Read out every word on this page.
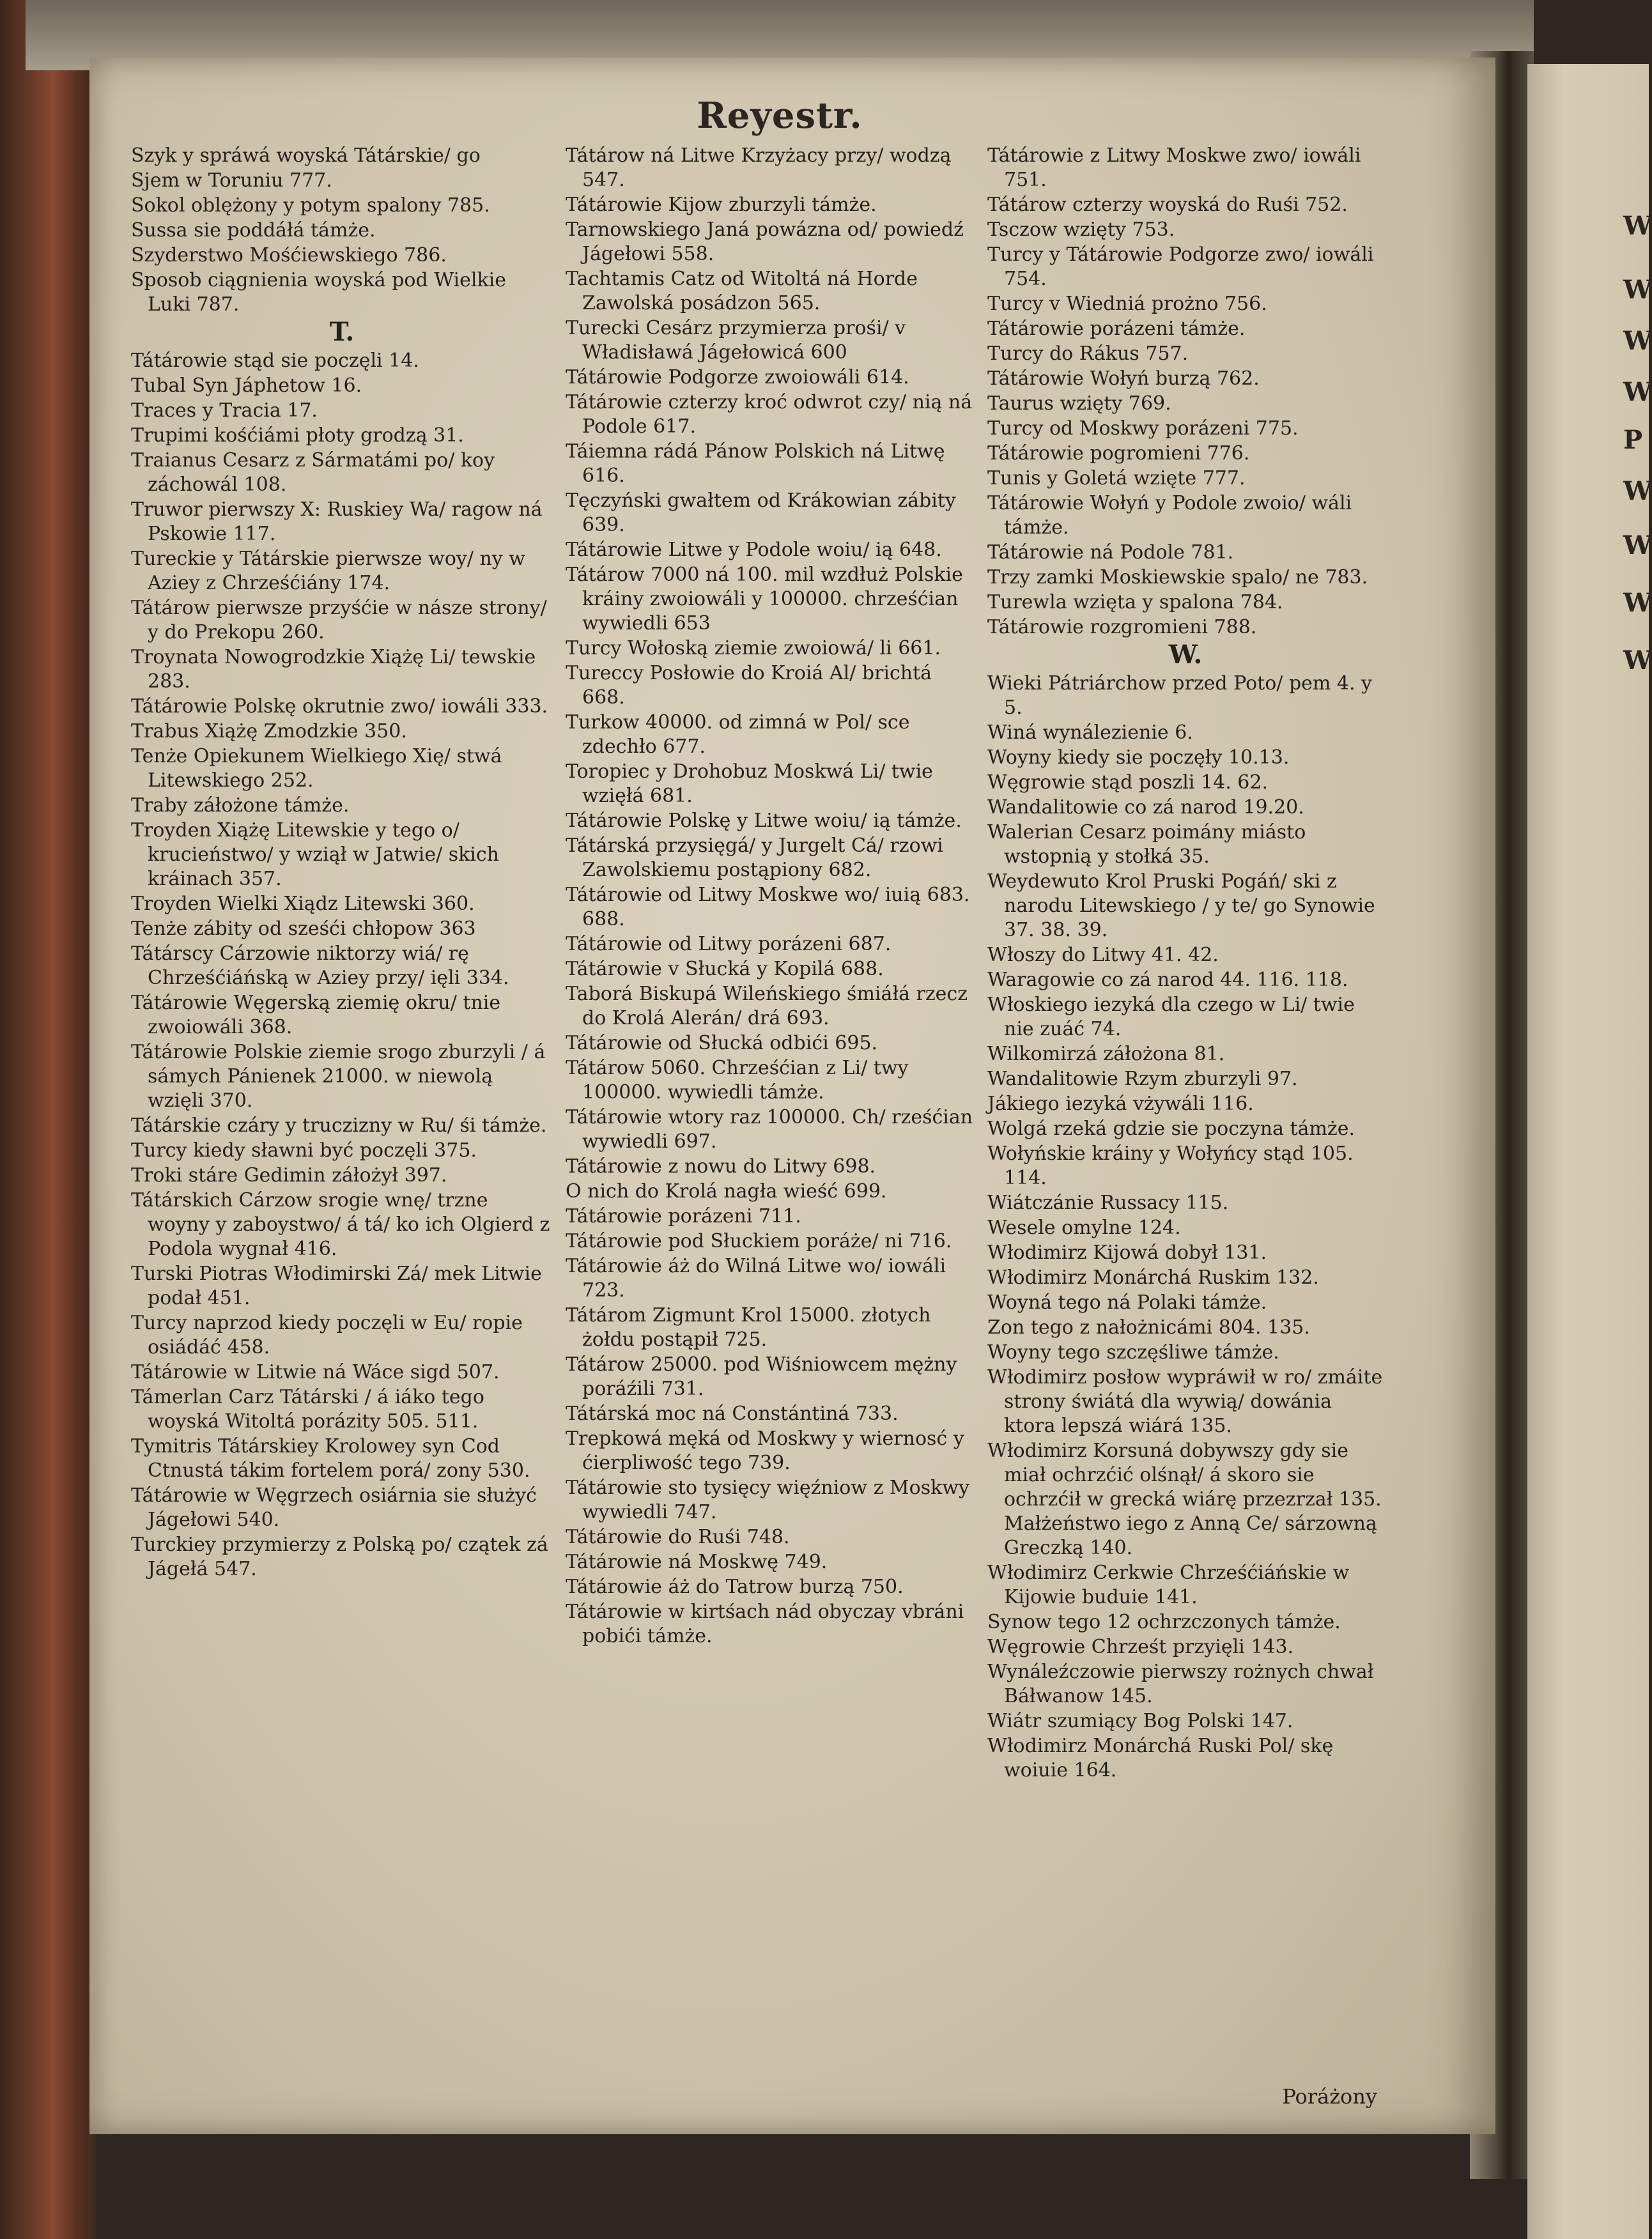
Reyestr.
Szyk y spráwá woyská Tátárskie/ go
Sjem w Toruniu 777.
Sokol oblężony y potym spalony 785.
Sussa sie poddáłá támże.
Szyderstwo Mośćiewskiego 786.
Sposob ciągnienia woyská pod Wielkie Luki 787.
T.
Tátárowie stąd sie poczęli 14.
Tubal Syn Jáphetow 16.
Traces y Tracia 17.
Trupimi kośćiámi płoty grodzą 31.
Traianus Cesarz z Sármatámi po/ koy záchowál 108.
Truwor pierwszy X: Ruskiey Wa/ ragow ná Pskowie 117.
Tureckie y Tátárskie pierwsze woy/ ny w Aziey z Chrześćiány 174.
Tátárow pierwsze przyśćie w násze strony/ y do Prekopu 260.
Troynata Nowogrodzkie Xiążę Li/ tewskie 283.
Tátárowie Polskę okrutnie zwo/ iowáli 333.
Trabus Xiążę Zmodzkie 350.
Tenże Opiekunem Wielkiego Xię/ stwá Litewskiego 252.
Traby záłożone támże.
Troyden Xiążę Litewskie y tego o/ krucieństwo/ y wziął w Jatwie/ skich kráinach 357.
Troyden Wielki Xiądz Litewski 360.
Tenże zábity od sześći chłopow 363
Tátárscy Cárzowie niktorzy wiá/ rę Chrześćiáńską w Aziey przy/ ięli 334.
Tátárowie Węgerską ziemię okru/ tnie zwoiowáli 368.
Tátárowie Polskie ziemie srogo zburzyli / á sámych Pánienek 21000. w niewolą wzięli 370.
Tátárskie czáry y truczizny w Ru/ śi támże.
Turcy kiedy sławni być poczęli 375.
Troki stáre Gedimin záłożył 397.
Tátárskich Cárzow srogie wnę/ trzne woyny y zaboystwo/ á tá/ ko ich Olgierd z Podola wygnał 416.
Turski Piotras Włodimirski Zá/ mek Litwie podał 451.
Turcy naprzod kiedy poczęli w Eu/ ropie osiádáć 458.
Tátárowie w Litwie ná Wáce sigd 507.
Támerlan Carz Tátárski / á iáko tego woyská Witoltá porázity 505. 511.
Tymitris Tátárskiey Krolowey syn Cod Ctnustá tákim fortelem porá/ zony 530.
Tátárowie w Węgrzech osiárnia sie służyć Jágełowi 540.
Turckiey przymierzy z Polską po/ czątek zá Jágełá 547.
Tátárow ná Litwe Krzyżacy przy/ wodzą 547.
Tátárowie Kijow zburzyli támże.
Tarnowskiego Janá powázna od/ powiedź Jágełowi 558.
Tachtamis Catz od Witoltá ná Horde Zawolská posádzon 565.
Turecki Cesárz przymierza prośi/ v Władisławá Jágełowicá 600
Tátárowie Podgorze zwoiowáli 614.
Tátárowie czterzy kroć odwrot czy/ nią ná Podole 617.
Táiemna rádá Pánow Polskich ná Litwę 616.
Tęczyński gwałtem od Krákowian zábity 639.
Tátárowie Litwe y Podole woiu/ ią 648.
Tátárow 7000 ná 100. mil wzdłuż Polskie kráiny zwoiowáli y 100000. chrześćian wywiedli 653
Turcy Wołoską ziemie zwoiowá/ li 661.
Tureccy Posłowie do Kroiá Al/ brichtá 668.
Turkow 40000. od zimná w Pol/ sce zdechło 677.
Toropiec y Drohobuz Moskwá Li/ twie wzięłá 681.
Tátárowie Polskę y Litwe woiu/ ią támże.
Tátárská przysięgá/ y Jurgelt Cá/ rzowi Zawolskiemu postąpiony 682.
Tátárowie od Litwy Moskwe wo/ iuią 683. 688.
Tátárowie od Litwy porázeni 687.
Tátárowie v Słucká y Kopilá 688.
Taborá Biskupá Wileńskiego śmiáłá rzecz do Krolá Alerán/ drá 693.
Tátárowie od Słucká odbići 695.
Tátárow 5060. Chrześćian z Li/ twy 100000. wywiedli támże.
Tátárowie wtory raz 100000. Ch/ rześćian wywiedli 697.
Tátárowie z nowu do Litwy 698.
O nich do Krolá nagła wieść 699.
Tátárowie porázeni 711.
Tátárowie pod Słuckiem poráże/ ni 716.
Tátárowie áż do Wilná Litwe wo/ iowáli 723.
Tátárom Zigmunt Krol 15000. złotych żołdu postąpił 725.
Tátárow 25000. pod Wiśniowcem mężny poráźili 731.
Tátárská moc ná Constántiná 733.
Trepkowá męká od Moskwy y wiernosć y ćierpliwość tego 739.
Tátárowie sto tysięcy więźniow z Moskwy wywiedli 747.
Tátárowie do Ruśi 748.
Tátárowie ná Moskwę 749.
Tátárowie áż do Tatrow burzą 750.
Tátárowie w kirtśach nád obyczay vbráni pobići támże.
Tátárowie z Litwy Moskwe zwo/ iowáli 751.
Tátárow czterzy woyská do Ruśi 752.
Tsczow wzięty 753.
Turcy y Tátárowie Podgorze zwo/ iowáli 754.
Turcy v Wiedniá prożno 756.
Tátárowie porázeni támże.
Turcy do Rákus 757.
Tátárowie Wołyń burzą 762.
Taurus wzięty 769.
Turcy od Moskwy porázeni 775.
Tátárowie pogromieni 776.
Tunis y Goletá wzięte 777.
Tátárowie Wołyń y Podole zwoio/ wáli támże.
Tátárowie ná Podole 781.
Trzy zamki Moskiewskie spalo/ ne 783.
Turewla wzięta y spalona 784.
Tátárowie rozgromieni 788.
W.
Wieki Pátriárchow przed Poto/ pem 4. y 5.
Winá wynálezienie 6.
Woyny kiedy sie poczęły 10.13.
Węgrowie stąd poszli 14. 62.
Wandalitowie co zá narod 19.20.
Walerian Cesarz poimány miásto wstopnią y stołká 35.
Weydewuto Krol Pruski Pogáń/ ski z narodu Litewskiego / y te/ go Synowie 37. 38. 39.
Włoszy do Litwy 41. 42.
Waragowie co zá narod 44. 116. 118.
Włoskiego iezyká dla czego w Li/ twie nie zuáć 74.
Wilkomirzá záłożona 81.
Wandalitowie Rzym zburzyli 97.
Jákiego iezyká vżywáli 116.
Wolgá rzeká gdzie sie poczyna támże.
Wołyńskie kráiny y Wołyńcy stąd 105. 114.
Wiátczánie Russacy 115.
Wesele omylne 124.
Włodimirz Kijowá dobył 131.
Włodimirz Monárchá Ruskim 132.
Woyná tego ná Polaki támże.
Zon tego z nałożnicámi 804. 135.
Woyny tego szczęśliwe támże.
Włodimirz posłow wypráwił w ro/ zmáite strony świátá dla wywią/ dowánia ktora lepszá wiárá 135.
Włodimirz Korsuná dobywszy gdy sie miał ochrzćić olśnął/ á skoro sie ochrzćił w grecká wiárę przezrzał 135. Małżeństwo iego z Anną Ce/ sárzowną Greczką 140.
Włodimirz Cerkwie Chrześćiáńskie w Kijowie buduie 141.
Synow tego 12 ochrzczonych támże.
Węgrowie Chrześt przyięli 143.
Wynáleźczowie pierwszy rożnych chwał Báłwanow 145.
Wiátr szumiący Bog Polski 147.
Włodimirz Monárchá Ruski Pol/ skę woiuie 164.
Poráżony
W
W
W
W
P
W
W
W
W
